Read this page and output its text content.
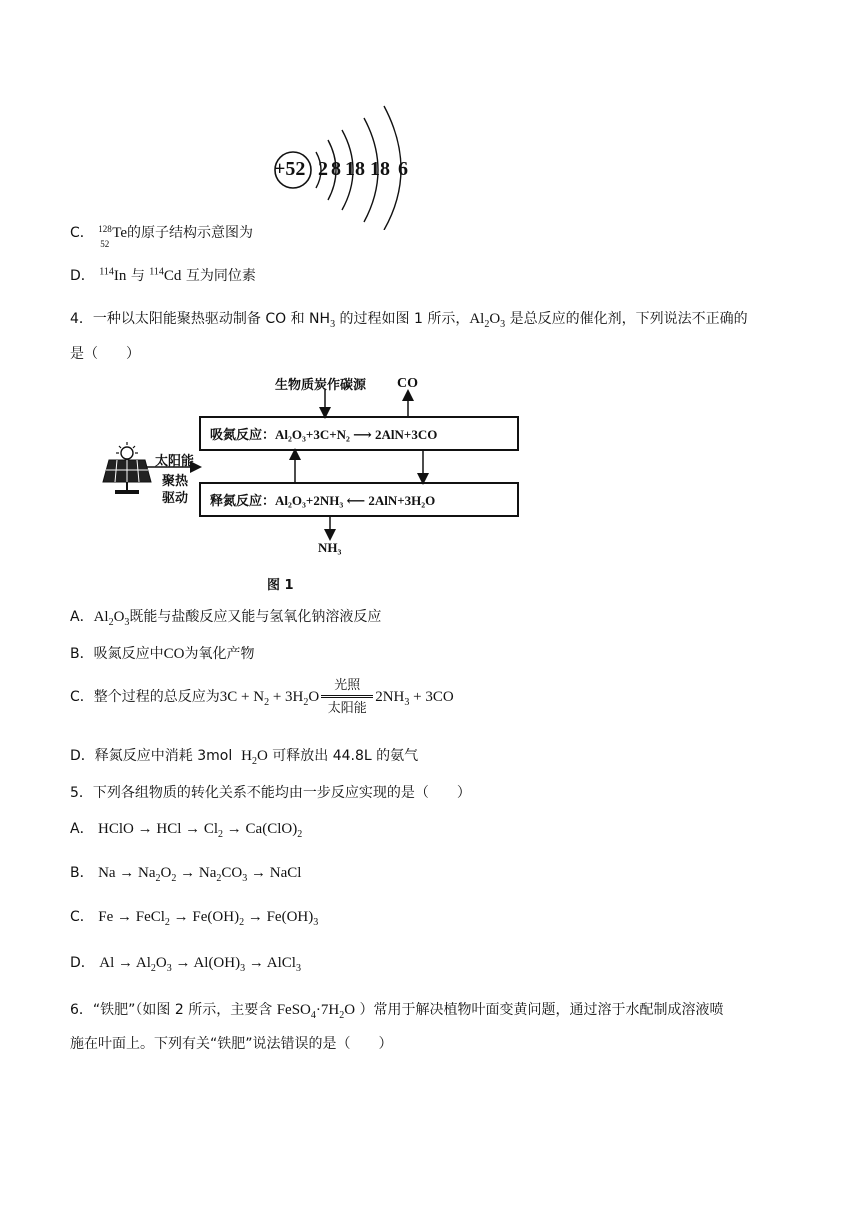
+52 2 8 18 18 6
C． 128
52
Te的原子结构示意图为
D． $^{114}$In 与 $^{114}$Cd 互为同位素
4．一种以太阳能聚热驱动制备 CO 和 $NH_3$ 的过程如图 1 所示，$Al_2O_3$ 是总反应的催化剂，下列说法不正确的
是（　　）
生物质炭作碳源 CO
吸氮反应：Al₂O₃+3C+N₂ ⟶ 2AlN+3CO
释氮反应：Al₂O₃+2NH₃ ⟵ 2AlN+3H₂O
太阳能
聚热
驱动
NH₃
图 1
A．$Al_2O_3$既能与盐酸反应又能与氢氧化钠溶液反应
B．吸氮反应中CO为氧化产物
C．整个过程的总反应为$3C + N_2 + 3H_2O$
光照
太阳能
$2NH_3 + 3CO$
D．释氮反应中消耗 3mol $H_2O$ 可释放出 44.8L 的氨气
5．下列各组物质的转化关系不能均由一步反应实现的是（　　）
A． HClO → HCl → $Cl_2 \to Ca(ClO)_2$
B． $Na \to Na_2O_2 \to Na_2CO_3$ → NaCl
C． Fe → FeCl$_2$ → $Fe(OH)_2 \to Fe(OH)_3$
D． $Al \to Al_2O_3 \to Al(OH)_3$ → AlCl$_3$
6．“铁肥”（如图 2 所示，主要含 $FeSO_4\cdot 7H_2O$ ）常用于解决植物叶面变黄问题，通过溶于水配制成溶液喷
施在叶面上。下列有关“铁肥”说法错误的是（　　）
